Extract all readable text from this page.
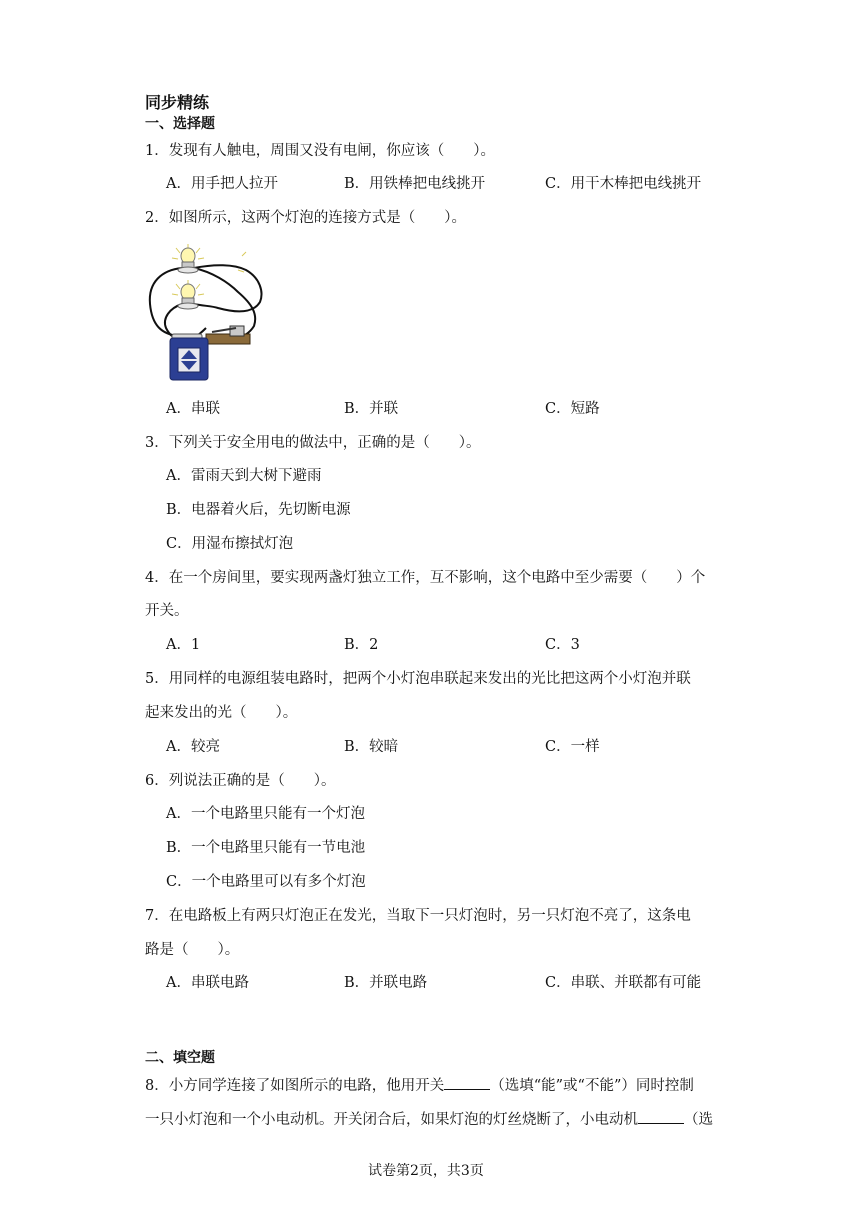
同步精练
一、选择题
1．发现有人触电，周围又没有电闸，你应该（　　）。
A．用手把人拉开	B．用铁棒把电线挑开	C．用干木棒把电线挑开
2．如图所示，这两个灯泡的连接方式是（　　）。
A．串联	B．并联	C．短路
3．下列关于安全用电的做法中，正确的是（　　）。
A．雷雨天到大树下避雨
B．电器着火后，先切断电源
C．用湿布擦拭灯泡
4．在一个房间里，要实现两盏灯独立工作，互不影响，这个电路中至少需要（　　）个
开关。
A．1	B．2	C．3
5．用同样的电源组装电路时，把两个小灯泡串联起来发出的光比把这两个小灯泡并联
起来发出的光（　　）。
A．较亮	B．较暗	C．一样
6．列说法正确的是（　　）。
A．一个电路里只能有一个灯泡
B．一个电路里只能有一节电池
C．一个电路里可以有多个灯泡
7．在电路板上有两只灯泡正在发光，当取下一只灯泡时，另一只灯泡不亮了，这条电
路是（　　）。
A．串联电路	B．并联电路	C．串联、并联都有可能
二、填空题
8．小方同学连接了如图所示的电路，他用开关	（选填“能”或“不能”）同时控制
一只小灯泡和一个小电动机。开关闭合后，如果灯泡的灯丝烧断了，小电动机	（选
试卷第2页，共3页
